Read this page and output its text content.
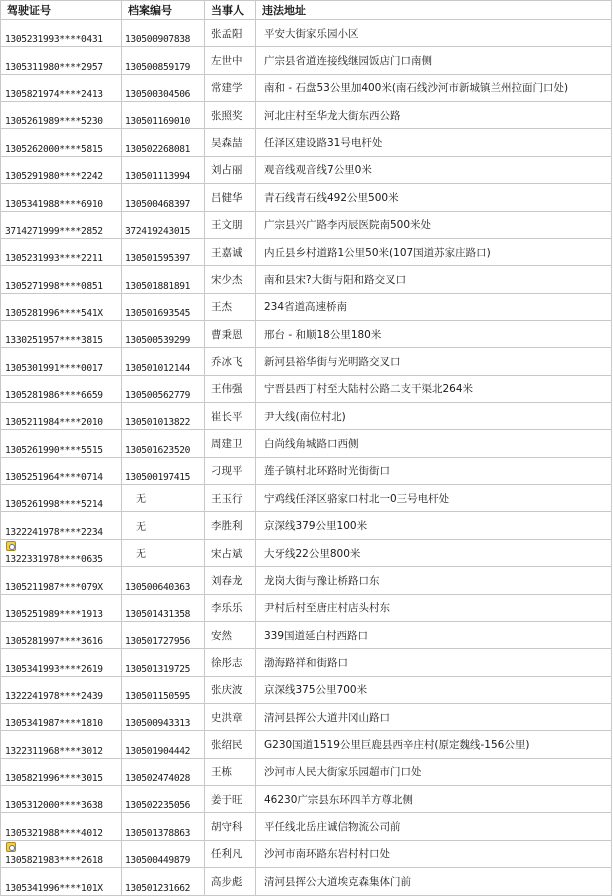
驾驶证号	档案编号	当事人	违法地址
1305231993****0431	130500907838	张孟阳	平安大街家乐园小区
1305311980****2957	130500859179	左世中	广宗县省道连接线继园饭店门口南侧
1305821974****2413	130500304506	常建学	南和 - 石盘53公里加400米(南石线沙河市新城镇兰州拉面门口处)
1305261989****5230	130501169010	张照奖	河北庄村至华龙大街东西公路
1305262000****5815	130502268081	吴森喆	任泽区建设路31号电杆处
1305291980****2242	130501113994	刘占丽	观音线观音线7公里0米
1305341988****6910	130500468397	吕健华	青石线青石线492公里500米
3714271999****2852	372419243015	王文朋	广宗县兴广路李丙辰医院南500米处
1305231993****2211	130501595397	王嘉诚	内丘县乡村道路1公里50米(107国道苏家庄路口)
1305271998****0851	130501881891	宋少杰	南和县宋?大街与阳和路交叉口
1305281996****541X	130501693545	王杰	234省道高速桥南
1330251957****3815	130500539299	曹秉恩	邢台 - 和顺18公里180米
1305301991****0017	130501012144	乔冰飞	新河县裕华街与光明路交叉口
1305281986****6659	130500562779	王伟强	宁晋县西丁村至大陆村公路二支干渠北264米
1305211984****2010	130501013822	崔长平	尹大线(南位村北)
1305261990****5515	130501623520	周建卫	白尚线角城路口西侧
1305251964****0714	130500197415	刁现平	莲子镇村北环路时光街街口
1305261998****5214	无	王玉行	宁鸡线任泽区骆家口村北一0三号电杆处
1322241978****2234	无	李胜利	京深线379公里100米

1322331978****0635	无	宋占斌	大牙线22公里800米
1305211987****079X	130500640363	刘春龙	龙岗大街与豫让桥路口东
1305251989****1913	130501431358	李乐乐	尹村后村至唐庄村店头村东
1305281997****3616	130501727956	安然	339国道延白村西路口
1305341993****2619	130501319725	徐彤志	渤海路祥和街路口
1322241978****2439	130501150595	张庆波	京深线375公里700米
1305341987****1810	130500943313	史洪章	清河县挥公大道井冈山路口
1322311968****3012	130501904442	张绍民	G230国道1519公里巨鹿县西辛庄村(原定魏线-156公里)
1305821996****3015	130502474028	王栋	沙河市人民大街家乐园超市门口处
1305312000****3638	130502235056	姜于旺	46230广宗县东环四羊方尊北侧
1305321988****4012	130501378863	胡守科	平任线北岳庄诚信物流公司前

1305821983****2618	130500449879	任利凡	沙河市南环路东岩村村口处
1305341996****101X	130501231662	高步彪	清河县挥公大道埃克森集体门前
